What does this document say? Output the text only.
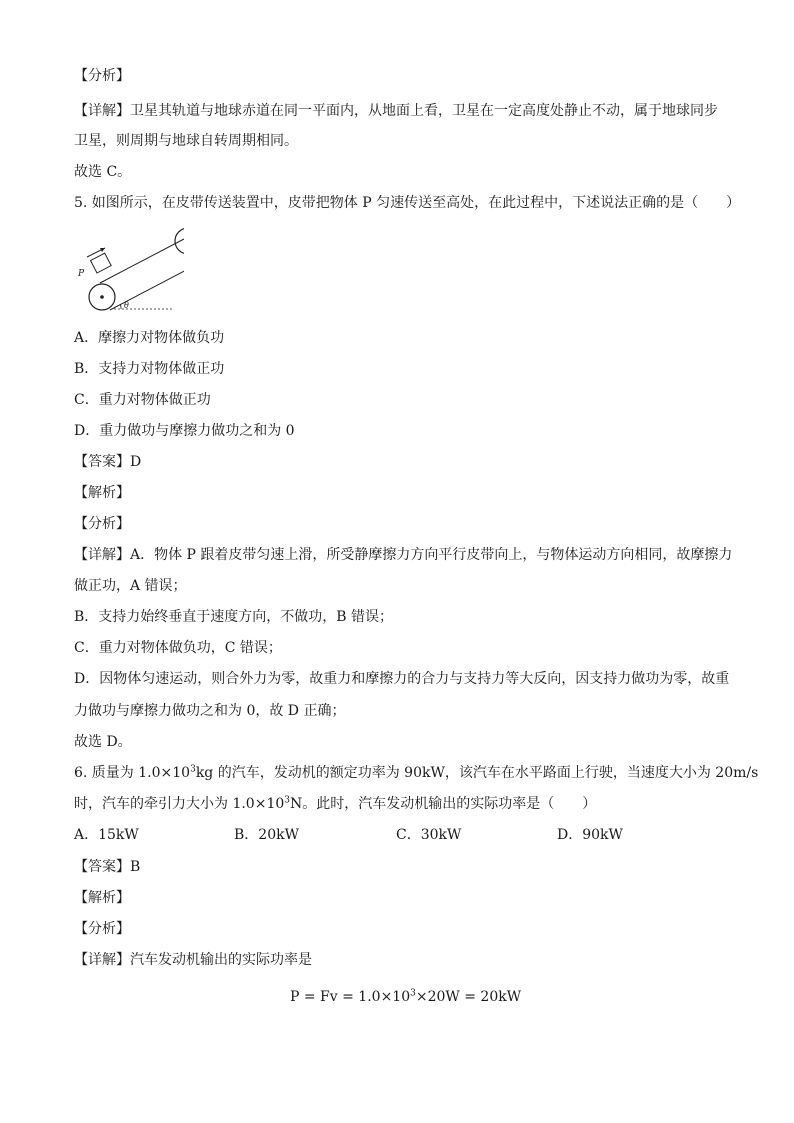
【分析】
【详解】卫星其轨道与地球赤道在同一平面内，从地面上看，卫星在一定高度处静止不动，属于地球同步
卫星，则周期与地球自转周期相同。
故选 C。
5. 如图所示，在皮带传送装置中，皮带把物体 P 匀速传送至高处，在此过程中，下述说法正确的是（　　）
P
θ
A．摩擦力对物体做负功
B．支持力对物体做正功
C．重力对物体做正功
D．重力做功与摩擦力做功之和为 0
【答案】D
【解析】
【分析】
【详解】A．物体 P 跟着皮带匀速上滑，所受静摩擦力方向平行皮带向上，与物体运动方向相同，故摩擦力
做正功，A 错误；
B．支持力始终垂直于速度方向，不做功，B 错误；
C．重力对物体做负功，C 错误；
D．因物体匀速运动，则合外力为零，故重力和摩擦力的合力与支持力等大反向，因支持力做功为零，故重
力做功与摩擦力做功之和为 0，故 D 正确；
故选 D。
6. 质量为 $1.0\times 10^3kg$ 的汽车，发动机的额定功率为 90kW，该汽车在水平路面上行驶，当速度大小为 20m/s
时，汽车的牵引力大小为 $1.0\times 10^3N$。此时，汽车发动机输出的实际功率是（　　）
A．15kW	B．20kW	C．30kW	D．90kW
【答案】B
【解析】
【分析】
【详解】汽车发动机输出的实际功率是
$P = Fv = 1.0\times 10^3\times 20W = 20kW$
